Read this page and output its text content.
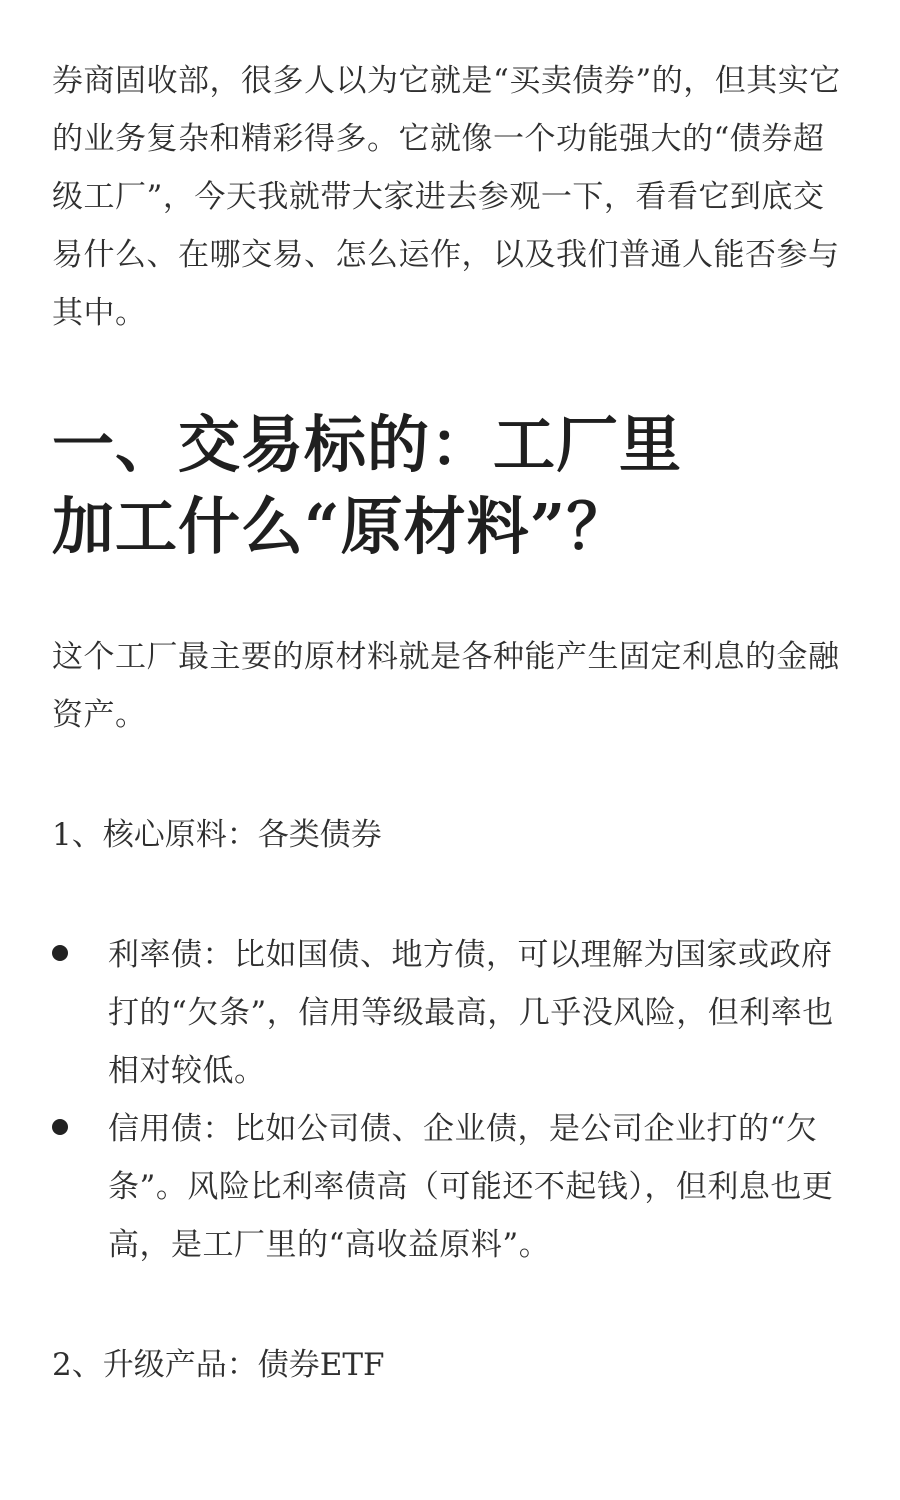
券商固收部，很多人以为它就是“买卖债券”的，但其实它的业务复杂和精彩得多。它就像一个功能强大的“债券超级工厂”，今天我就带大家进去参观一下，看看它到底交易什么、在哪交易、怎么运作，以及我们普通人能否参与其中。

一、交易标的：工厂里
加工什么“原材料”？

这个工厂最主要的原材料就是各种能产生固定利息的金融资产。

1、核心原料：各类债券

利率债：比如国债、地方债，可以理解为国家或政府打的“欠条”，信用等级最高，几乎没风险，但利率也相对较低。
信用债：比如公司债、企业债，是公司企业打的“欠条”。风险比利率债高（可能还不起钱），但利息也更高，是工厂里的“高收益原料”。

2、升级产品：债券ETF
